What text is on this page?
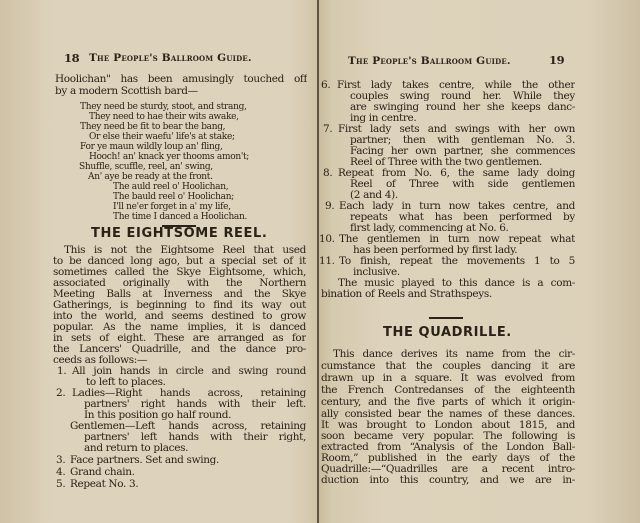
18 The People's Ballroom Guide.
Hoolichan" has been amusingly touched off
by a modern Scottish bard—
They need be sturdy, stoot, and strang,
They need to hae their wits awake,
They need be fit to bear the bang,
Or else their waefu' life's at stake;
For ye maun wildly loup an' fling,
Hooch! an' knack yer thooms amon't;
Shuffle, scuffle, reel, an' swing,
An' aye be ready at the front.
The auld reel o' Hoolichan,
The bauld reel o' Hoolichan;
I'll ne'er forget in a' my life,
The time I danced a Hoolichan.
THE EIGHTSOME REEL.
This is not the Eightsome Reel that used
to be danced long ago, but a special set of it
sometimes called the Skye Eightsome, which,
associated originally with the Northern
Meeting Balls at Inverness and the Skye
Gatherings, is beginning to find its way out
into the world, and seems destined to grow
popular. As the name implies, it is danced
in sets of eight. These are arranged as for
the Lancers' Quadrille, and the dance pro-
ceeds as follows:—
1. All join hands in circle and swing round
to left to places.
2. Ladies—Right hands across, retaining
partners' right hands with their left.
In this position go half round.
Gentlemen—Left hands across, retaining
partners' left hands with their right,
and return to places.
3. Face partners. Set and swing.
4. Grand chain.
5. Repeat No. 3.
The People's Ballroom Guide.	19
6. First lady takes centre, while the other
couples swing round her. While they
are swinging round her she keeps danc-
ing in centre.
7. First lady sets and swings with her own
partner; then with gentleman No. 3.
Facing her own partner, she commences
Reel of Three with the two gentlemen.
8. Repeat from No. 6, the same lady doing
Reel of Three with side gentlemen
(2 and 4).
9. Each lady in turn now takes centre, and
repeats what has been performed by
first lady, commencing at No. 6.
10. The gentlemen in turn now repeat what
has been performed by first lady.
11. To finish, repeat the movements 1 to 5
inclusive.
The music played to this dance is a com-
bination of Reels and Strathspeys.
THE QUADRILLE.
This dance derives its name from the cir-
cumstance that the couples dancing it are
drawn up in a square. It was evolved from
the French Contredanses of the eighteenth
century, and the five parts of which it origin-
ally consisted bear the names of these dances.
It was brought to London about 1815, and
soon became very popular. The following is
extracted from “Analysis of the London Ball-
Room,” published in the early days of the
Quadrille:—“Quadrilles are a recent intro-
duction into this country, and we are in-
